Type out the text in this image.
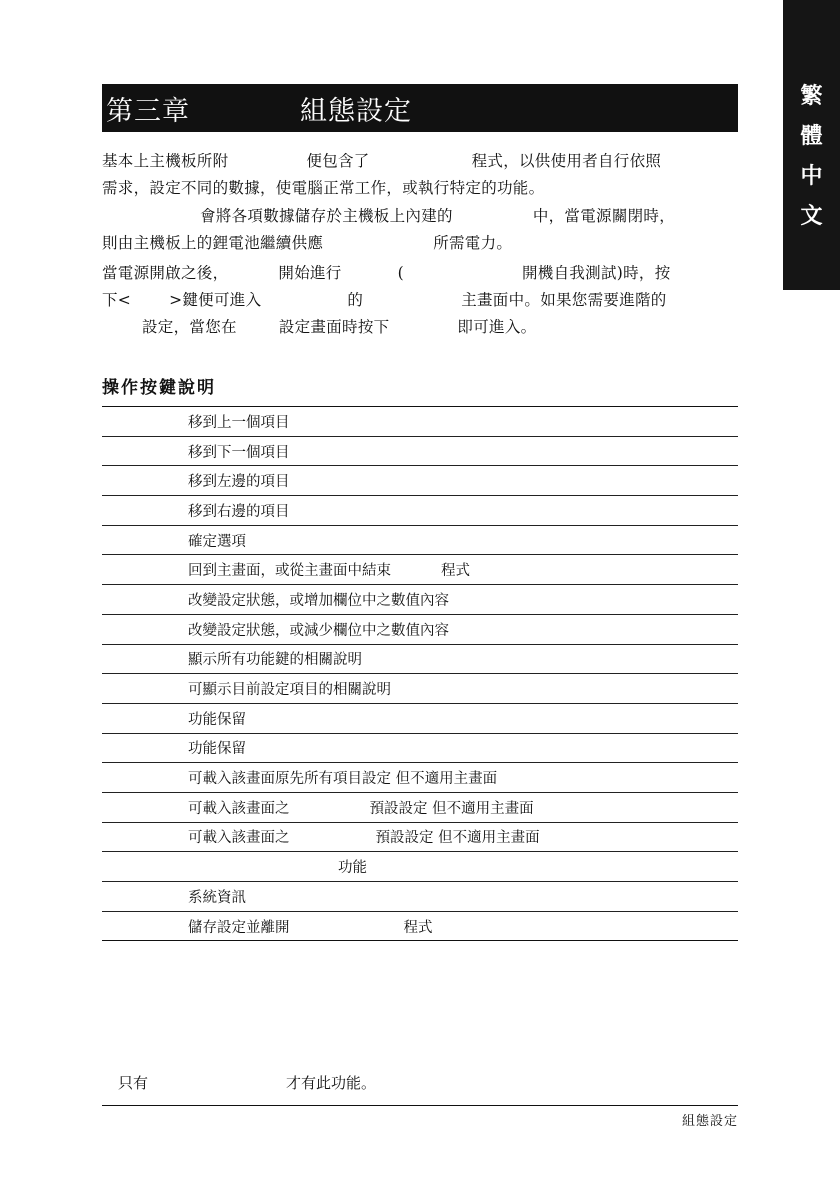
繁
體
中
文
第三章	組態設定
基本上主機板所附	便包含了	程式，以供使用者自行依照
需求，設定不同的數據，使電腦正常工作，或執行特定的功能。
會將各項數據儲存於主機板上內建的	中，當電源關閉時，
則由主機板上的鋰電池繼續供應	所需電力。
當電源開啟之後，	開始進行	(	開機自我測試)時，按
下< >鍵便可進入	的	主畫面中。如果您需要進階的
設定，當您在	設定畫面時按下	即可進入。
操作按鍵說明
	移到上一個項目
	移到下一個項目
	移到左邊的項目
	移到右邊的項目
	確定選項
	回到主畫面，或從主畫面中結束 程式
	改變設定狀態，或增加欄位中之數值內容
	改變設定狀態，或減少欄位中之數值內容
	顯示所有功能鍵的相關說明
	可顯示目前設定項目的相關說明
	功能保留
	功能保留
	可載入該畫面原先所有項目設定 但不適用主畫面
	可載入該畫面之 預設設定 但不適用主畫面
	可載入該畫面之 預設設定 但不適用主畫面
	功能
	系統資訊
	儲存設定並離開 程式
只有	才有此功能。
組態設定
